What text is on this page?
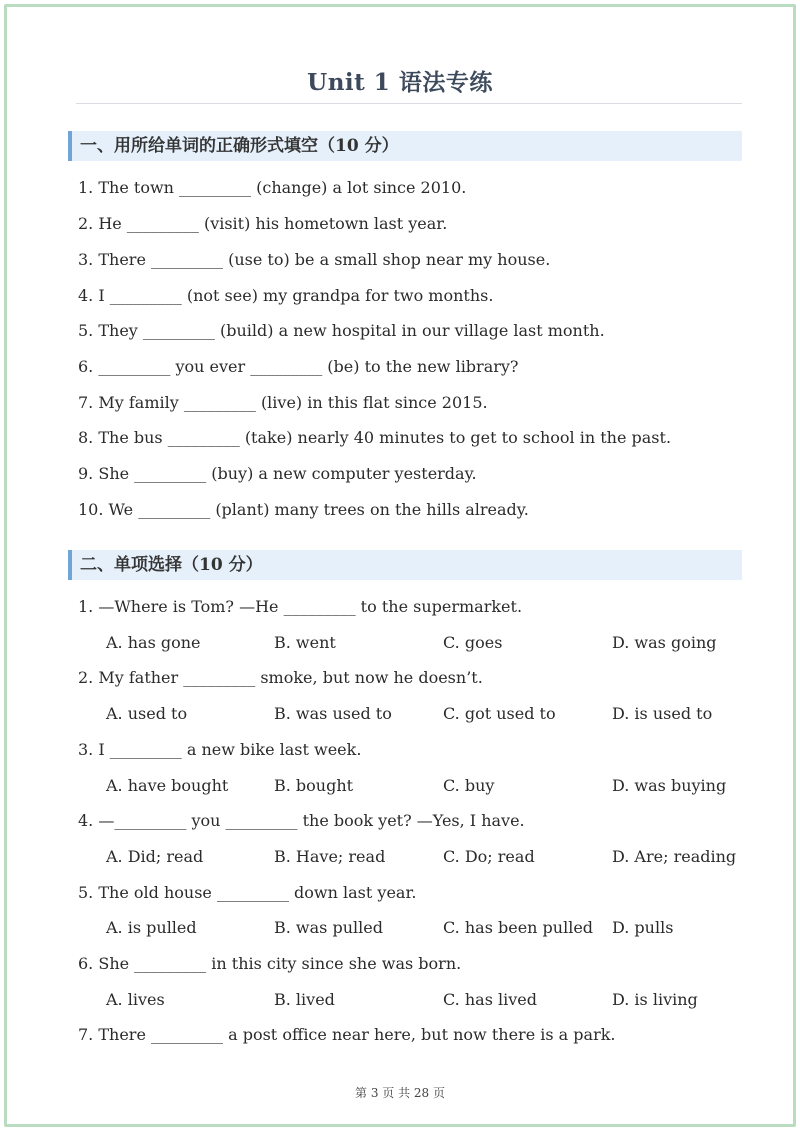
Unit 1 语法专练
一、用所给单词的正确形式填空（10 分）
1. The town _________ (change) a lot since 2010.
2. He _________ (visit) his hometown last year.
3. There _________ (use to) be a small shop near my house.
4. I _________ (not see) my grandpa for two months.
5. They _________ (build) a new hospital in our village last month.
6. _________ you ever _________ (be) to the new library?
7. My family _________ (live) in this flat since 2015.
8. The bus _________ (take) nearly 40 minutes to get to school in the past.
9. She _________ (buy) a new computer yesterday.
10. We _________ (plant) many trees on the hills already.
二、单项选择（10 分）
1. —Where is Tom? —He _________ to the supermarket.
A. has gone	B. went	C. goes	D. was going
2. My father _________ smoke, but now he doesn’t.
A. used to	B. was used to	C. got used to	D. is used to
3. I _________ a new bike last week.
A. have bought	B. bought	C. buy	D. was buying
4. —_________ you _________ the book yet? —Yes, I have.
A. Did; read	B. Have; read	C. Do; read	D. Are; reading
5. The old house _________ down last year.
A. is pulled	B. was pulled	C. has been pulled D. pulls
6. She _________ in this city since she was born.
A. lives	B. lived	C. has lived	D. is living
7. There _________ a post office near here, but now there is a park.
第 3 页 共 28 页
